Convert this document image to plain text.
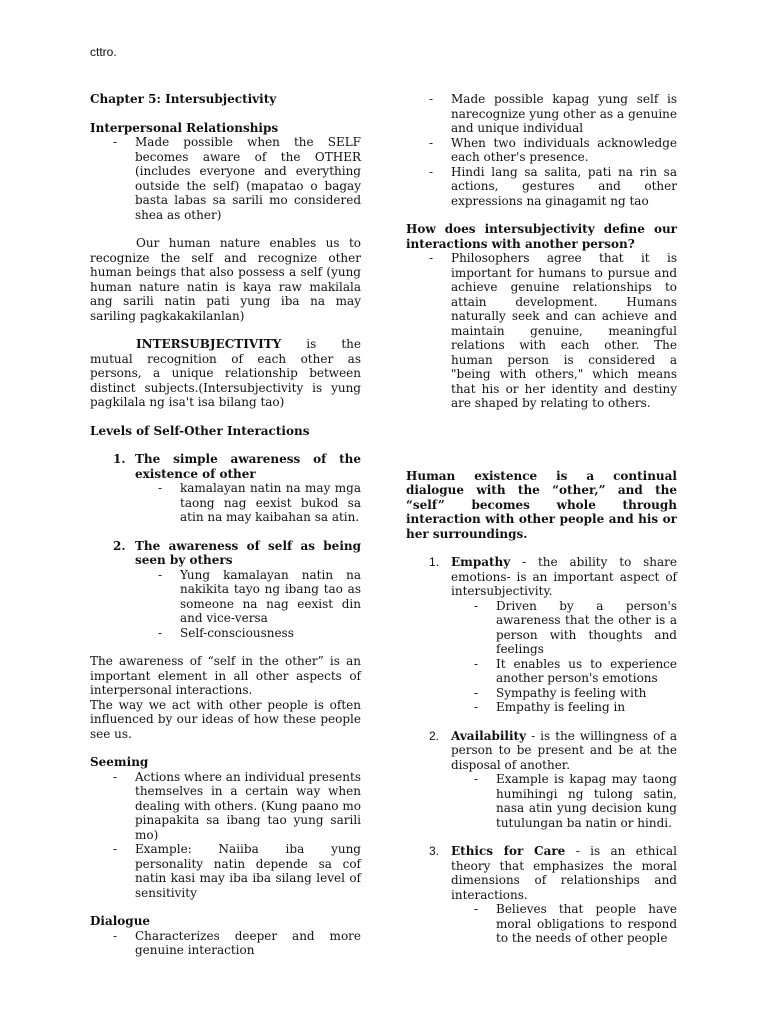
cttro.

Chapter 5: Intersubjectivity

Interpersonal Relationships

- Made possible when the SELF becomes aware of the OTHER (includes everyone and everything outside the self) (mapatao o bagay basta labas sa sarili mo considered shea as other)

Our human nature enables us to recognize the self and recognize other human beings that also possess a self (yung human nature natin is kaya raw makilala ang sarili natin pati yung iba na may sariling pagkakakilanlan)

INTERSUBJECTIVITY is the mutual recognition of each other as persons, a unique relationship between distinct subjects.(Intersubjectivity is yung pagkilala ng isa't isa bilang tao)

Levels of Self-Other Interactions

1. The simple awareness of the existence of other
- kamalayan natin na may mga taong nag eexist bukod sa atin na may kaibahan sa atin.
2. The awareness of self as being seen by others
- Yung kamalayan natin na nakikita tayo ng ibang tao as someone na nag eexist din and vice-versa
- Self-consciousness

The awareness of “self in the other” is an important element in all other aspects of interpersonal interactions.

The way we act with other people is often influenced by our ideas of how these people see us.

Seeming

- Actions where an individual presents themselves in a certain way when dealing with others. (Kung paano mo pinapakita sa ibang tao yung sarili mo)
- Example: Naiiba iba yung personality natin depende sa cof natin kasi may iba iba silang level of sensitivity

Dialogue

- Characterizes deeper and more genuine interaction
- Made possible kapag yung self is narecognize yung other as a genuine and unique individual
- When two individuals acknowledge each other's presence.
- Hindi lang sa salita, pati na rin sa actions, gestures and other expressions na ginagamit ng tao

How does intersubjectivity define our interactions with another person?

- Philosophers agree that it is important for humans to pursue and achieve genuine relationships to attain development. Humans naturally seek and can achieve and maintain genuine, meaningful relations with each other. The human person is considered a "being with others," which means that his or her identity and destiny are shaped by relating to others.

Human existence is a continual dialogue with the “other,” and the “self” becomes whole through interaction with other people and his or her surroundings.

1. Empathy - the ability to share emotions- is an important aspect of intersubjectivity.
- Driven by a person's awareness that the other is a person with thoughts and feelings
- It enables us to experience another person's emotions
- Sympathy is feeling with
- Empathy is feeling in
2. Availability - is the willingness of a person to be present and be at the disposal of another.
- Example is kapag may taong humihingi ng tulong satin, nasa atin yung decision kung tutulungan ba natin or hindi.
3. Ethics for Care - is an ethical theory that emphasizes the moral dimensions of relationships and interactions.
- Believes that people have moral obligations to respond to the needs of other people
